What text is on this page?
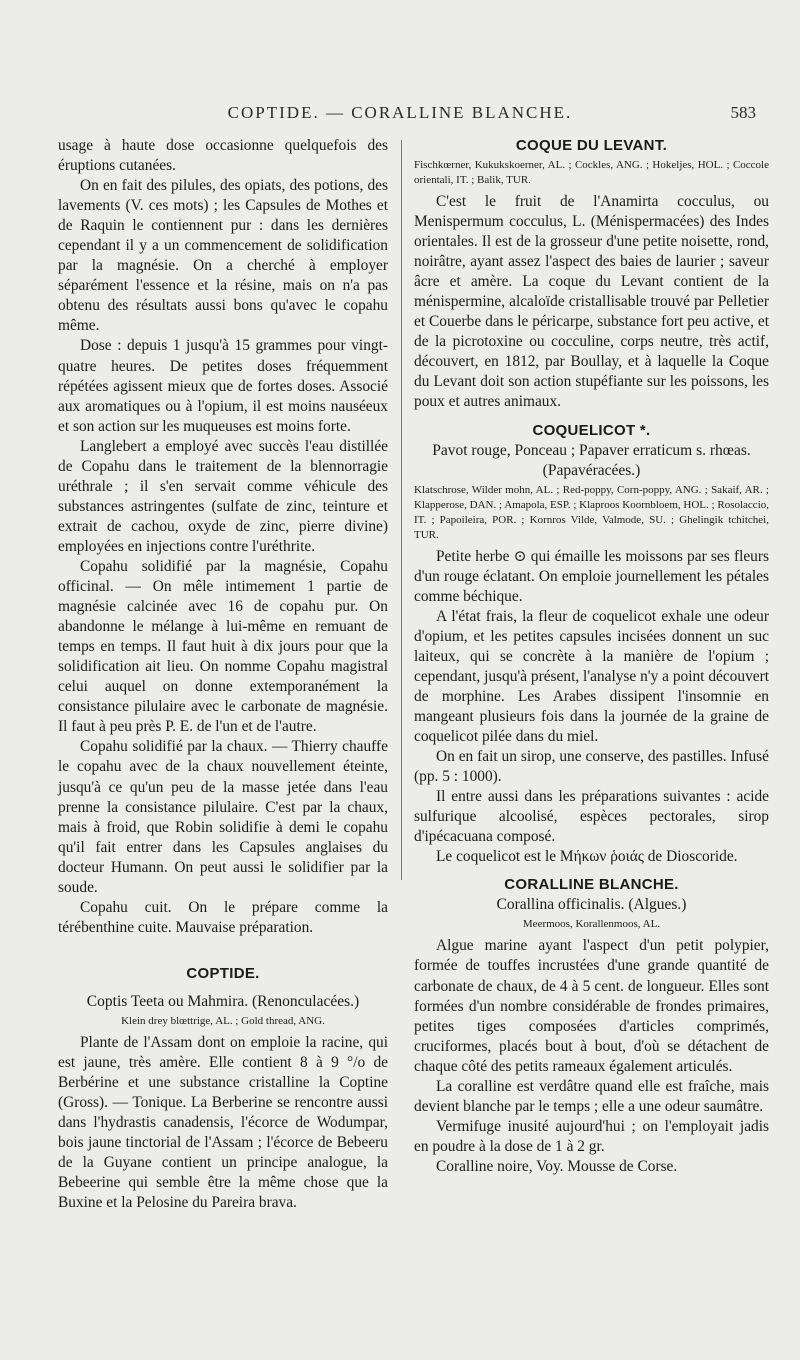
COPTIDE. — CORALLINE BLANCHE.	583

usage à haute dose occasionne quelquefois des éruptions cutanées.

On en fait des pilules, des opiats, des potions, des lavements (V. ces mots) ; les Capsules de Mothes et de Raquin le contiennent pur : dans les dernières cependant il y a un commencement de solidification par la magnésie. On a cherché à employer séparément l'essence et la résine, mais on n'a pas obtenu des résultats aussi bons qu'avec le copahu même.

Dose : depuis 1 jusqu'à 15 grammes pour vingt-quatre heures. De petites doses fréquemment répétées agissent mieux que de fortes doses. Associé aux aromatiques ou à l'opium, il est moins nauséeux et son action sur les muqueuses est moins forte.

Langlebert a employé avec succès l'eau distillée de Copahu dans le traitement de la blennorragie uréthrale ; il s'en servait comme véhicule des substances astringentes (sulfate de zinc, teinture et extrait de cachou, oxyde de zinc, pierre divine) employées en injections contre l'uréthrite.

Copahu solidifié par la magnésie, Copahu officinal. — On mêle intimement 1 partie de magnésie calcinée avec 16 de copahu pur. On abandonne le mélange à lui-même en remuant de temps en temps. Il faut huit à dix jours pour que la solidification ait lieu. On nomme Copahu magistral celui auquel on donne extemporanément la consistance pilulaire avec le carbonate de magnésie. Il faut à peu près P. E. de l'un et de l'autre.

Copahu solidifié par la chaux. — Thierry chauffe le copahu avec de la chaux nouvellement éteinte, jusqu'à ce qu'un peu de la masse jetée dans l'eau prenne la consistance pilulaire. C'est par la chaux, mais à froid, que Robin solidifie à demi le copahu qu'il fait entrer dans les Capsules anglaises du docteur Humann. On peut aussi le solidifier par la soude.

Copahu cuit. On le prépare comme la térébenthine cuite. Mauvaise préparation.

COPTIDE.

Coptis Teeta ou Mahmira. (Renonculacées.)

Klein drey blœttrige, AL. ; Gold thread, ANG.

Plante de l'Assam dont on emploie la racine, qui est jaune, très amère. Elle contient 8 à 9 °/o de Berbérine et une substance cristalline la Coptine (Gross). — Tonique. La Berberine se rencontre aussi dans l'hydrastis canadensis, l'écorce de Wodumpar, bois jaune tinctorial de l'Assam ; l'écorce de Bebeeru de la Guyane contient un principe analogue, la Bebeerine qui semble être la même chose que la Buxine et la Pelosine du Pareira brava.

COQUE DU LEVANT.

Fischkœrner, Kukukskoerner, AL. ; Cockles, ANG. ; Hokeljes, HOL. ; Coccole orientali, IT. ; Balik, TUR.

C'est le fruit de l'Anamirta cocculus, ou Menispermum cocculus, L. (Ménispermacées) des Indes orientales. Il est de la grosseur d'une petite noisette, rond, noirâtre, ayant assez l'aspect des baies de laurier ; saveur âcre et amère. La coque du Levant contient de la ménispermine, alcaloïde cristallisable trouvé par Pelletier et Couerbe dans le péricarpe, substance fort peu active, et de la picrotoxine ou cocculine, corps neutre, très actif, découvert, en 1812, par Boullay, et à laquelle la Coque du Levant doit son action stupéfiante sur les poissons, les poux et autres animaux.

COQUELICOT *.

Pavot rouge, Ponceau ; Papaver erraticum s. rhœas. (Papavéracées.)

Klatschrose, Wilder mohn, AL. ; Red-poppy, Corn-poppy, ANG. ; Sakaif, AR. ; Klapperose, DAN. ; Amapola, ESP. ; Klaproos Koornbloem, HOL. ; Rosolaccio, IT. ; Papoileira, POR. ; Kornros Vilde, Valmode, SU. ; Ghelingik tchitchei, TUR.

Petite herbe ⊙ qui émaille les moissons par ses fleurs d'un rouge éclatant. On emploie journellement les pétales comme béchique.

A l'état frais, la fleur de coquelicot exhale une odeur d'opium, et les petites capsules incisées donnent un suc laiteux, qui se concrète à la manière de l'opium ; cependant, jusqu'à présent, l'analyse n'y a point découvert de morphine. Les Arabes dissipent l'insomnie en mangeant plusieurs fois dans la journée de la graine de coquelicot pilée dans du miel.

On en fait un sirop, une conserve, des pastilles. Infusé (pp. 5 : 1000).

Il entre aussi dans les préparations suivantes : acide sulfurique alcoolisé, espèces pectorales, sirop d'ipécacuana composé.

Le coquelicot est le Μήκων ῥοιάς de Dioscoride.

CORALLINE BLANCHE.

Corallina officinalis. (Algues.)

Meermoos, Korallenmoos, AL.

Algue marine ayant l'aspect d'un petit polypier, formée de touffes incrustées d'une grande quantité de carbonate de chaux, de 4 à 5 cent. de longueur. Elles sont formées d'un nombre considérable de frondes primaires, petites tiges composées d'articles comprimés, cruciformes, placés bout à bout, d'où se détachent de chaque côté des petits rameaux également articulés.

La coralline est verdâtre quand elle est fraîche, mais devient blanche par le temps ; elle a une odeur saumâtre.

Vermifuge inusité aujourd'hui ; on l'employait jadis en poudre à la dose de 1 à 2 gr.

Coralline noire, Voy. Mousse de Corse.
